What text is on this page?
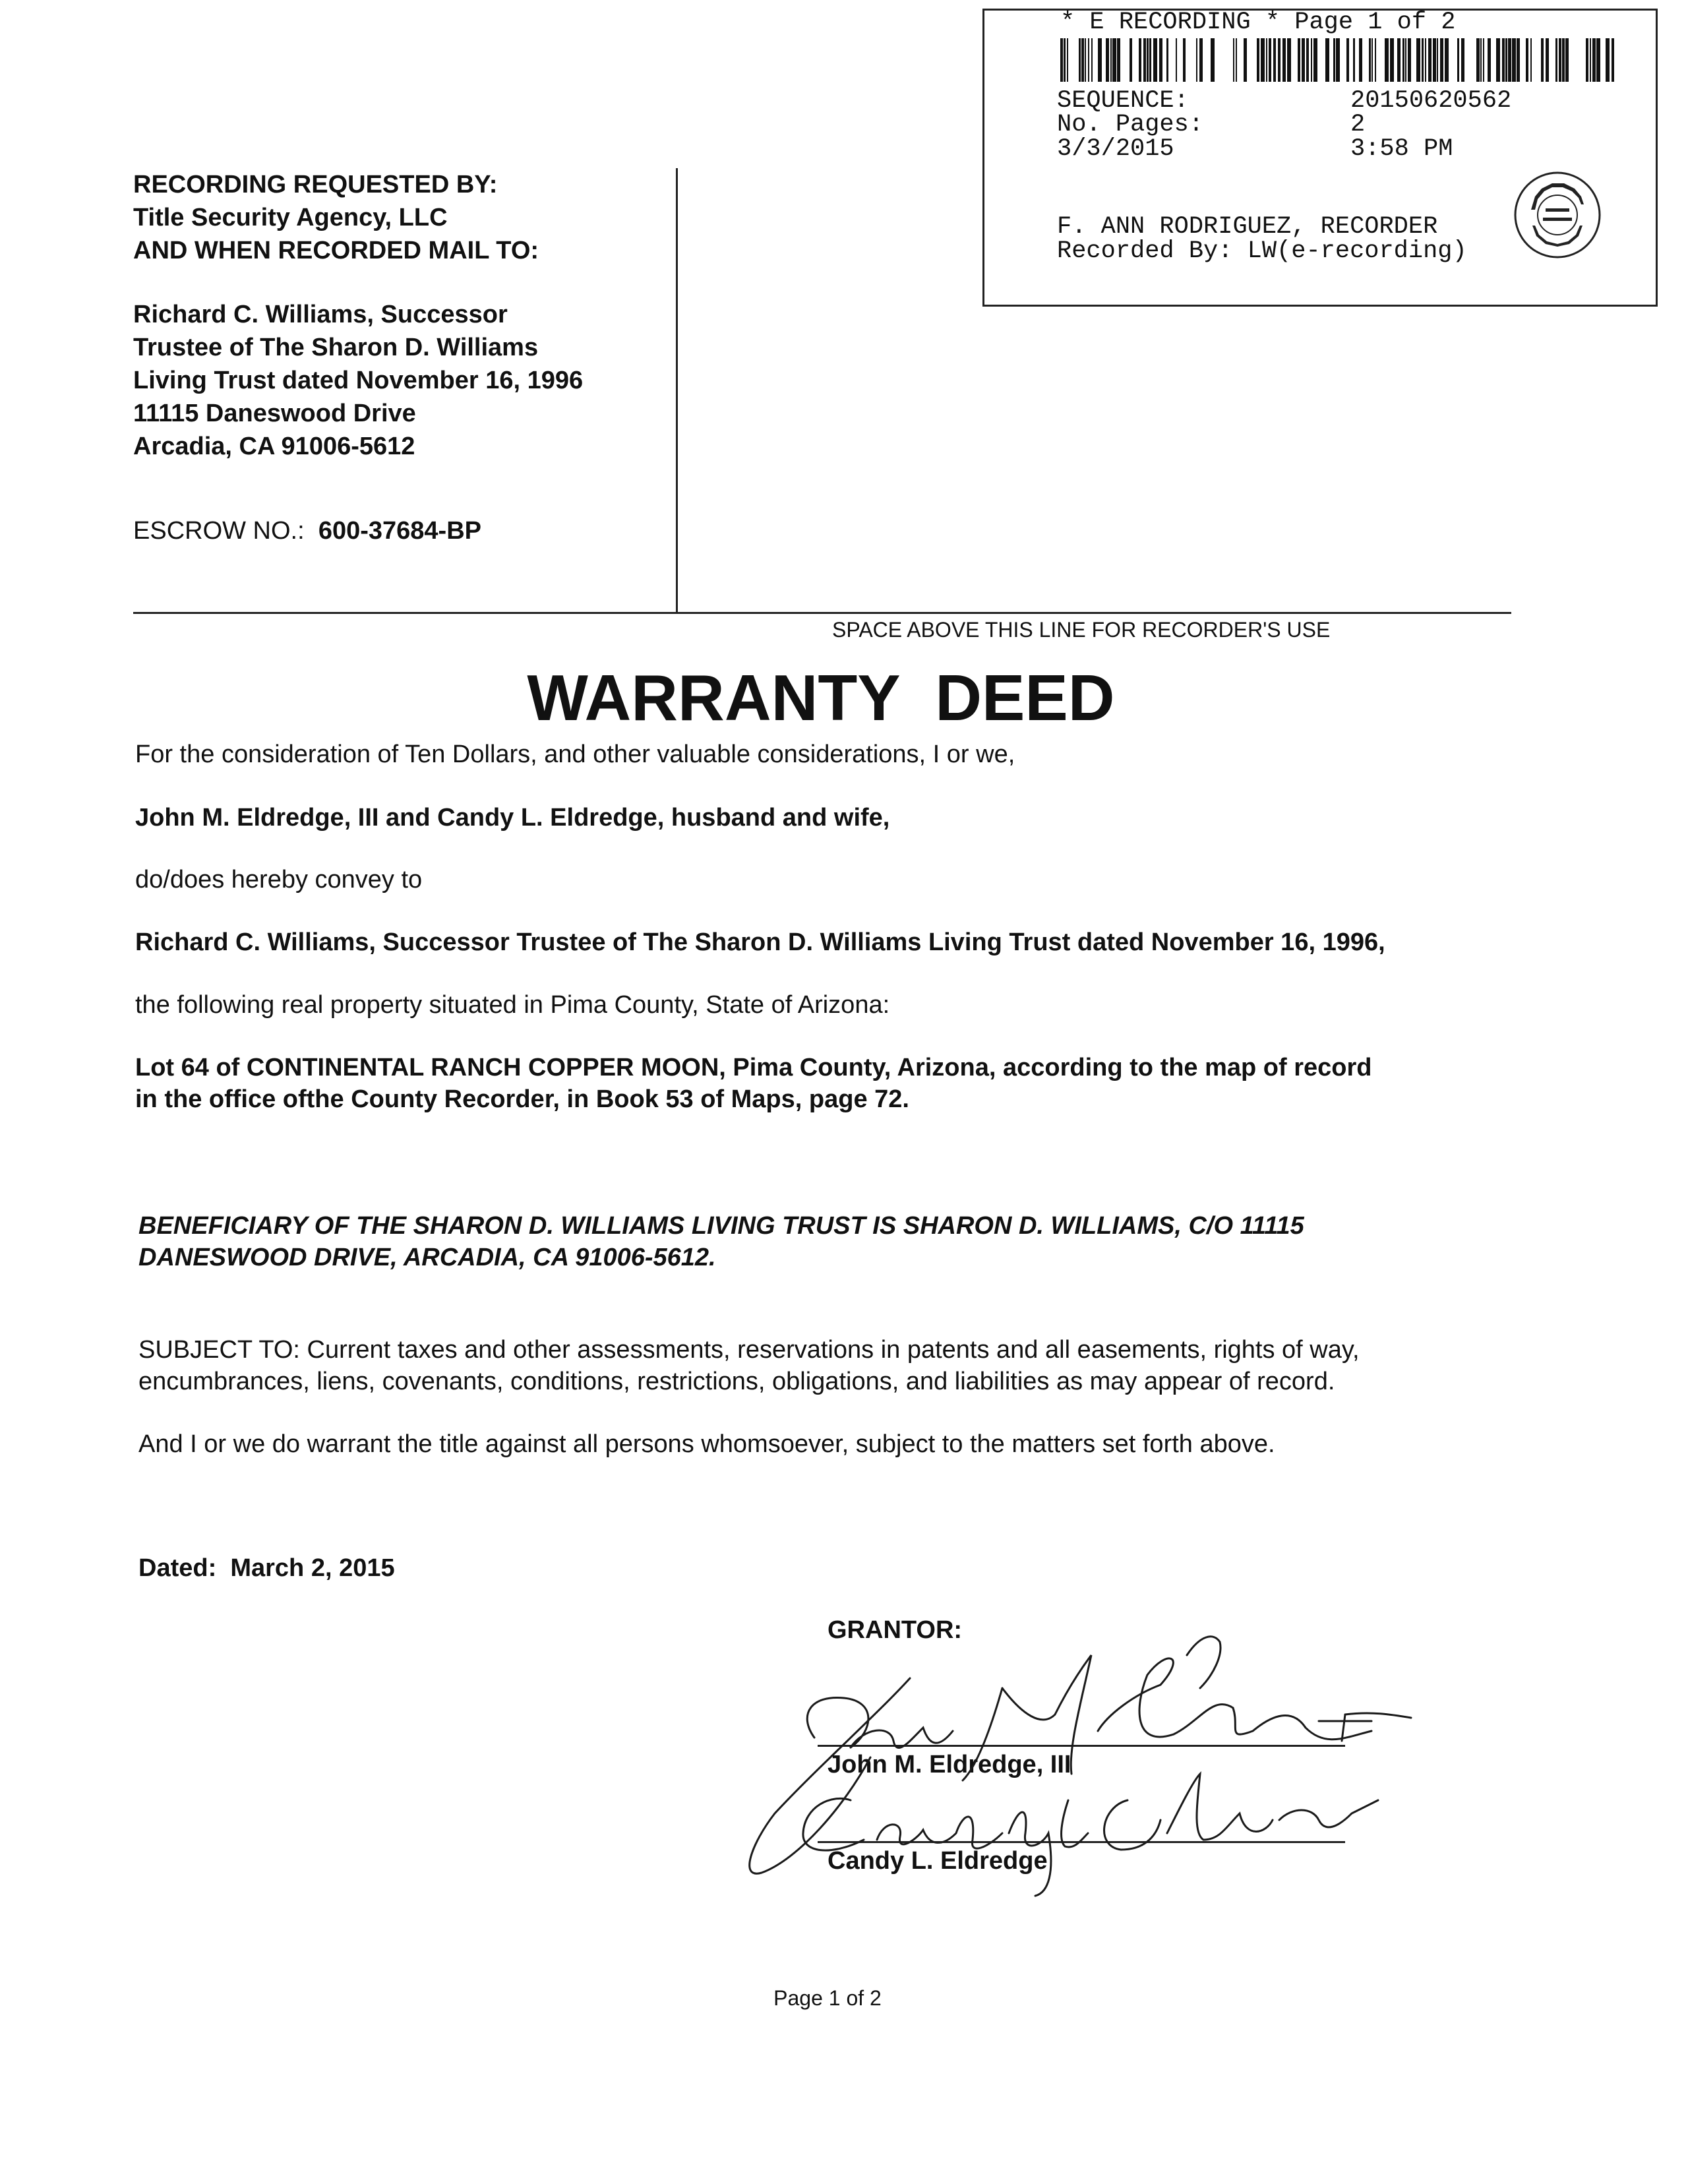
* E RECORDING * Page 1 of 2
SEQUENCE:	20150620562
No. Pages:	2
3/3/2015	3:58 PM
F. ANN RODRIGUEZ, RECORDER
Recorded By: LW(e-recording)
RECORDING REQUESTED BY:
Title Security Agency, LLC
AND WHEN RECORDED MAIL TO:
Richard C. Williams, Successor
Trustee of The Sharon D. Williams
Living Trust dated November 16, 1996
11115 Daneswood Drive
Arcadia, CA 91006-5612
ESCROW NO.: 600-37684-BP
SPACE ABOVE THIS LINE FOR RECORDER'S USE
WARRANTY  DEED
For the consideration of Ten Dollars, and other valuable considerations, I or we,
John M. Eldredge, III and Candy L. Eldredge, husband and wife,
do/does hereby convey to
Richard C. Williams, Successor Trustee of The Sharon D. Williams Living Trust dated November 16, 1996,
the following real property situated in Pima County, State of Arizona:
Lot 64 of CONTINENTAL RANCH COPPER MOON, Pima County, Arizona, according to the map of record
in the office ofthe County Recorder, in Book 53 of Maps, page 72.
BENEFICIARY OF THE SHARON D. WILLIAMS LIVING TRUST IS SHARON D. WILLIAMS, C/O 11115
DANESWOOD DRIVE, ARCADIA, CA 91006-5612.
SUBJECT TO: Current taxes and other assessments, reservations in patents and all easements, rights of way,
encumbrances, liens, covenants, conditions, restrictions, obligations, and liabilities as may appear of record.
And I or we do warrant the title against all persons whomsoever, subject to the matters set forth above.
Dated:  March 2, 2015
GRANTOR:
John M. Eldredge, III
Candy L. Eldredge
Page 1 of 2
